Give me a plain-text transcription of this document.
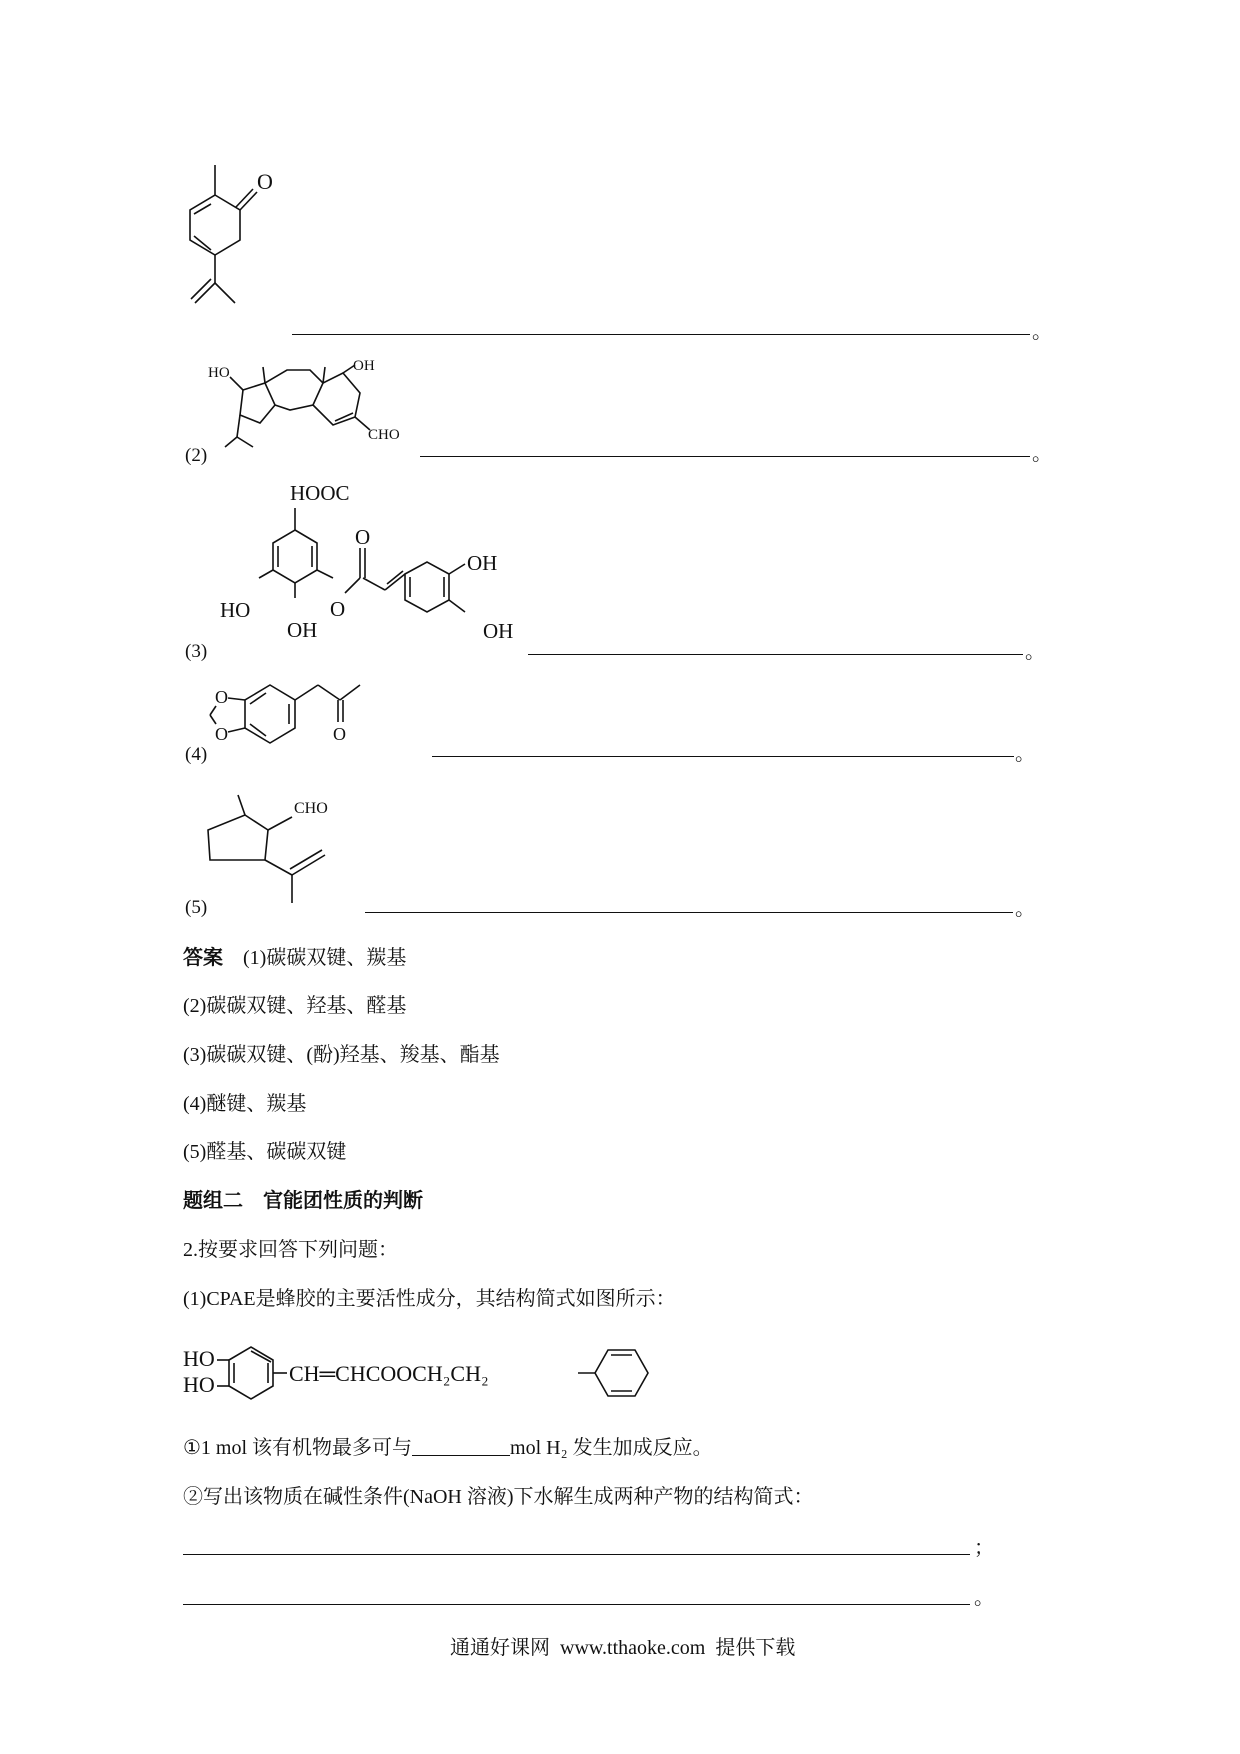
O
。
(2)
HO	OH
CHO
。
(3)
HOOC
HO
OH
O
O
OH
OH
。
(4)
O
O	O
。
(5)
CHO
。
答案 (1)碳碳双键、羰基
(2)碳碳双键、羟基、醛基
(3)碳碳双键、(酚)羟基、羧基、酯基
(4)醚键、羰基
(5)醛基、碳碳双键
题组二　官能团性质的判断
2.按要求回答下列问题：
(1)CPAE是蜂胶的主要活性成分，其结构简式如图所示：
HO
HO	CH═CHCOOCH₂CH₂
①1 mol 该有机物最多可与	mol H₂ 发生加成反应。
②写出该物质在碱性条件(NaOH 溶液)下水解生成两种产物的结构简式：
；
。
通通好课网  www.tthaoke.com  提供下载
